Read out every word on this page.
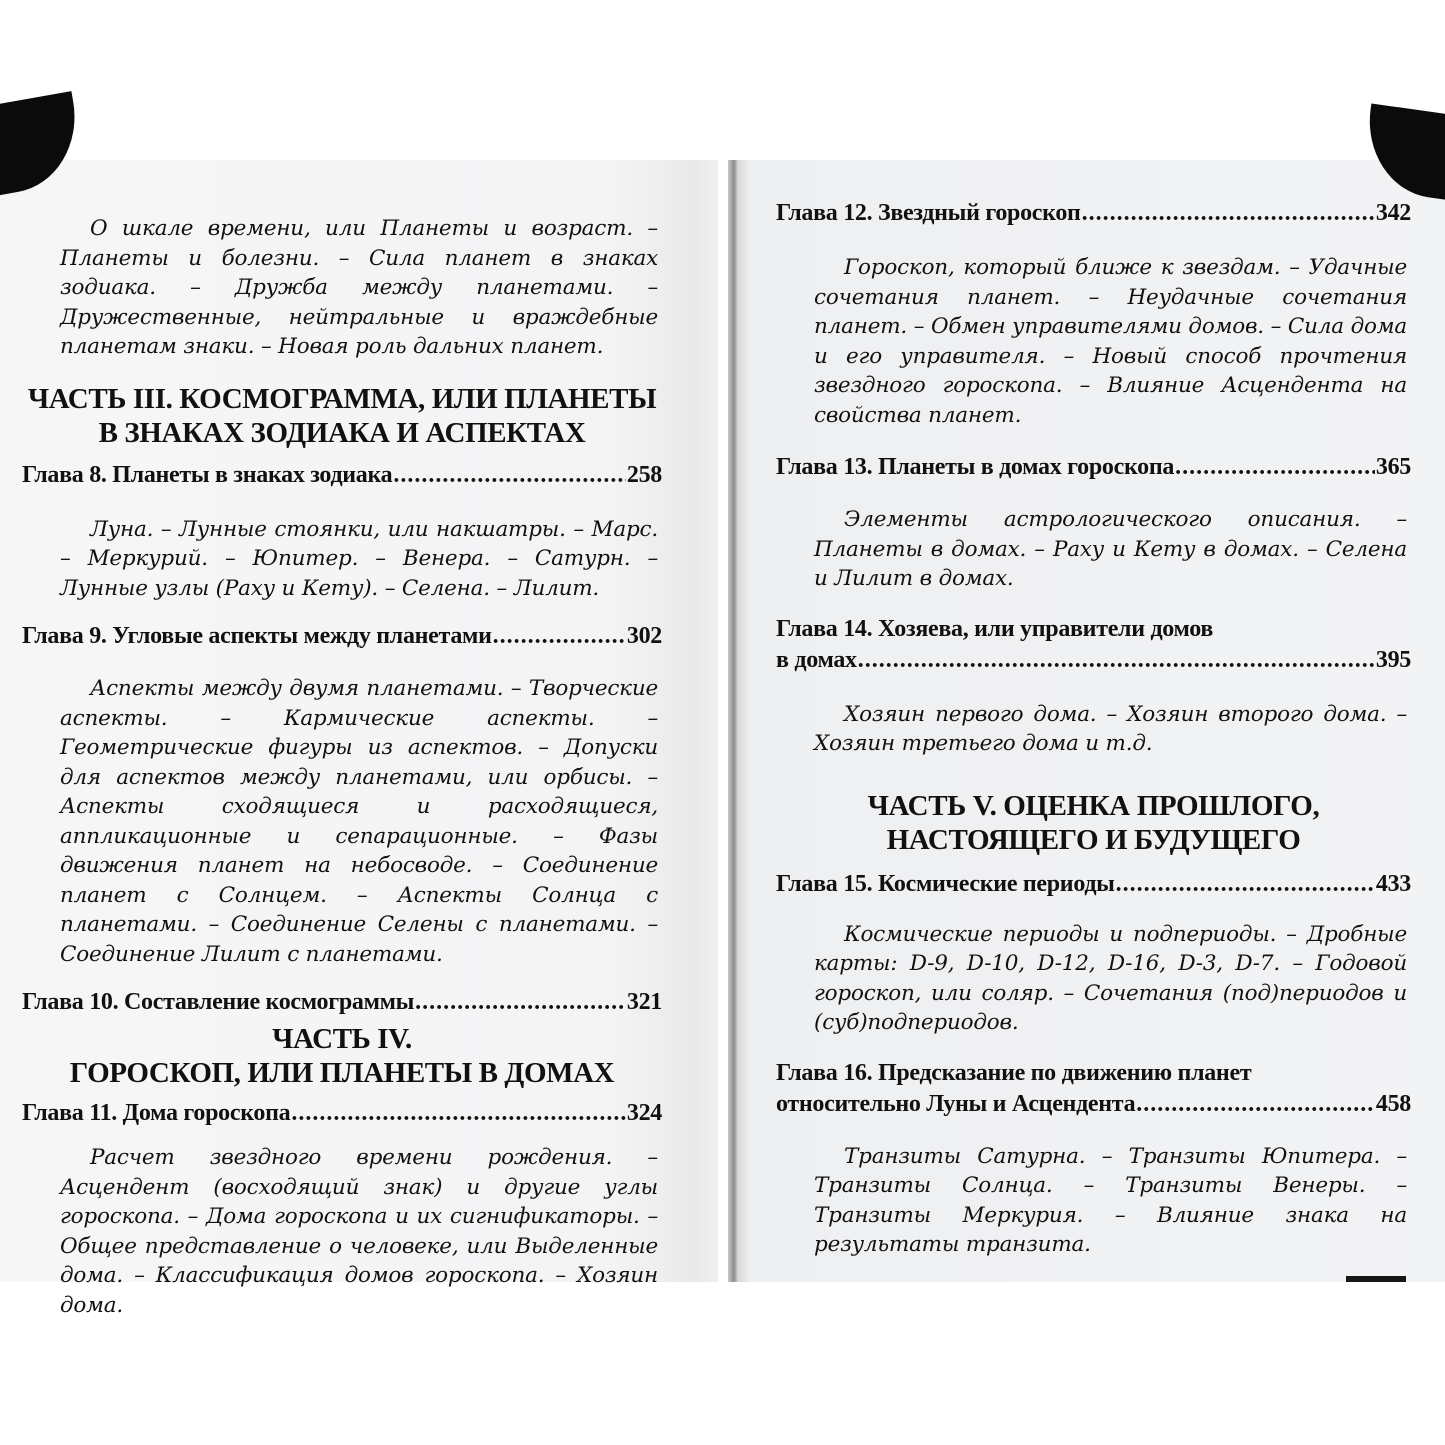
О шкале времени, или Планеты и возраст. – Планеты и болезни. – Сила планет в знаках зодиака. – Дружба между планетами. – Дружественные, нейтральные и враждебные планетам знаки. – Новая роль дальних планет.

ЧАСТЬ III. КОСМОГРАММА, ИЛИ ПЛАНЕТЫ

В ЗНАКАХ ЗОДИАКА И АСПЕКТАХ

Глава 8. Планеты в знаках зодиака .....	258

Луна. – Лунные стоянки, или накшатры. – Марс. – Меркурий. – Юпитер. – Венера. – Сатурн. – Лунные узлы (Раху и Кету). – Селена. – Лилит.

Глава 9. Угловые аспекты между планетами .....	302

Аспекты между двумя планетами. – Творческие аспекты. – Кармические аспекты. – Геометрические фигуры из аспектов. – Допуски для аспектов между планетами, или орбисы. – Аспекты сходящиеся и расходящиеся, аппликационные и сепарационные. – Фазы движения планет на небосводе. – Соединение планет с Солнцем. – Аспекты Солнца с планетами. – Соединение Селены с планетами. – Соединение Лилит с планетами.

Глава 10. Составление космограммы .....	321

ЧАСТЬ IV.

ГОРОСКОП, ИЛИ ПЛАНЕТЫ В ДОМАХ

Глава 11. Дома гороскопа .....	324

Расчет звездного времени рождения. – Асцендент (восходящий знак) и другие углы гороскопа. – Дома гороскопа и их сигнификаторы. – Общее представление о человеке, или Выделенные дома. – Классификация домов гороскопа. – Хозяин дома.

Глава 12. Звездный гороскоп .....	342

Гороскоп, который ближе к звездам. – Удачные сочетания планет. – Неудачные сочетания планет. – Обмен управителями домов. – Сила дома и его управителя. – Новый способ прочтения звездного гороскопа. – Влияние Асцендента на свойства планет.

Глава 13. Планеты в домах гороскопа .....	365

Элементы астрологического описания. – Планеты в домах. – Раху и Кету в домах. – Селена и Лилит в домах.

Глава 14. Хозяева, или управители домов
в домах .....	395

Хозяин первого дома. – Хозяин второго дома. – Хозяин третьего дома и т.д.

ЧАСТЬ V. ОЦЕНКА ПРОШЛОГО,

НАСТОЯЩЕГО И БУДУЩЕГО

Глава 15. Космические периоды .....	433

Космические периоды и подпериоды. – Дробные карты: D-9, D-10, D-12, D-16, D-3, D-7. – Годовой гороскоп, или соляр. – Сочетания (под)периодов и (суб)подпериодов.

Глава 16. Предсказание по движению планет
относительно Луны и Асцендента .....	458

Транзиты Сатурна. – Транзиты Юпитера. – Транзиты Солнца. – Транзиты Венеры. – Транзиты Меркурия. – Влияние знака на результаты транзита.
